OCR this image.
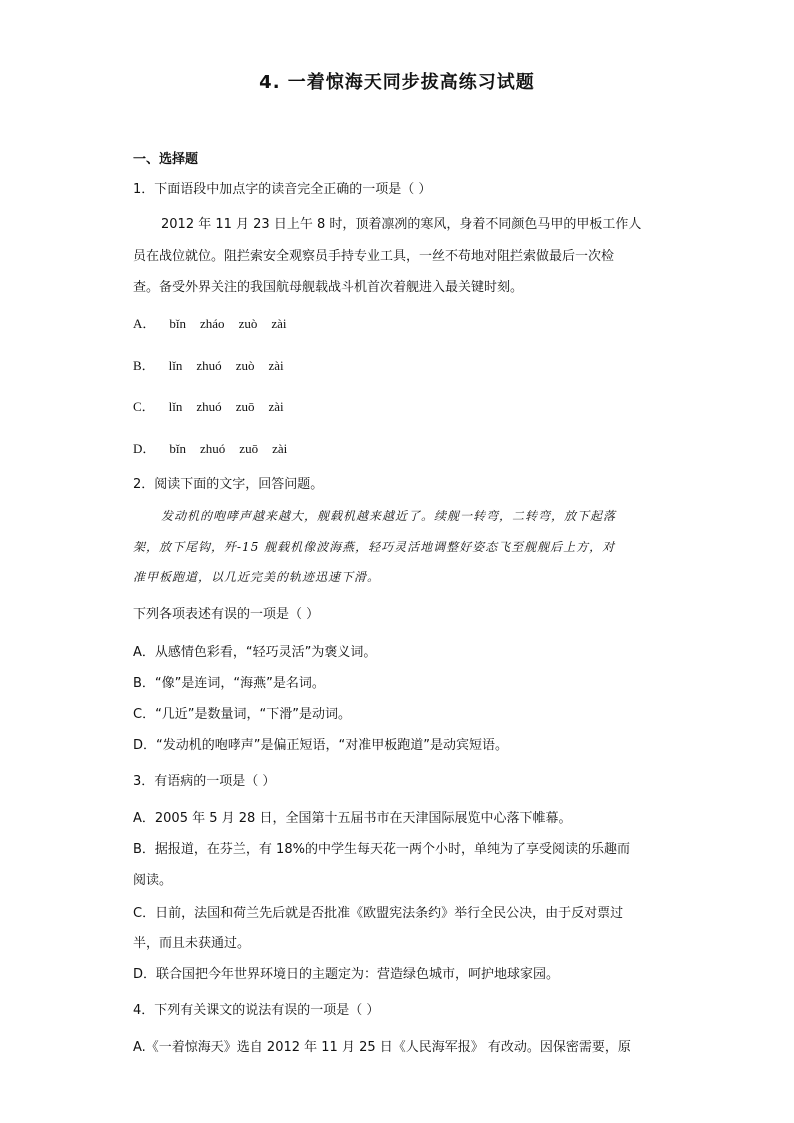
4. 一着惊海天同步拔高练习试题
一、选择题
1．下面语段中加点字的读音完全正确的一项是（ ）
2012 年 11 月 23 日上午 8 时，顶着凛冽的寒风，身着不同颜色马甲的甲板工作人
员在战位就位。阻拦索安全观察员手持专业工具，一丝不苟地对阻拦索做最后一次检
查。备受外界关注的我国航母舰载战斗机首次着舰进入最关键时刻。
A． bǐn zháo zuò zài
B． lǐn zhuó zuò zài
C． lǐn zhuó zuō zài
D． bǐn zhuó zuō zài
2．阅读下面的文字，回答问题。
发动机的咆哮声越来越大，舰载机越来越近了。续舰一转弯，二转弯，放下起落
架，放下尾钩，歼-15 舰载机像波海燕，轻巧灵活地调整好姿态飞至舰舰后上方，对
准甲板跑道，以几近完美的轨迹迅速下滑。
下列各项表述有误的一项是（ ）
A．从感情色彩看，“轻巧灵活”为褒义词。
B．“像”是连词，“海燕”是名词。
C．“几近”是数量词，“下滑”是动词。
D．“发动机的咆哮声”是偏正短语，“对准甲板跑道”是动宾短语。
3．有语病的一项是（ ）
A．2005 年 5 月 28 日，全国第十五届书市在天津国际展览中心落下帷幕。
B．据报道，在芬兰，有 18%的中学生每天花一两个小时，单纯为了享受阅读的乐趣而
阅读。
C．日前，法国和荷兰先后就是否批准《欧盟宪法条约》举行全民公决，由于反对票过
半，而且未获通过。
D．联合国把今年世界环境日的主题定为：营造绿色城市，呵护地球家园。
4．下列有关课文的说法有误的一项是（ ）
A.《一着惊海天》选自 2012 年 11 月 25 日《人民海军报》 有改动。因保密需要，原
